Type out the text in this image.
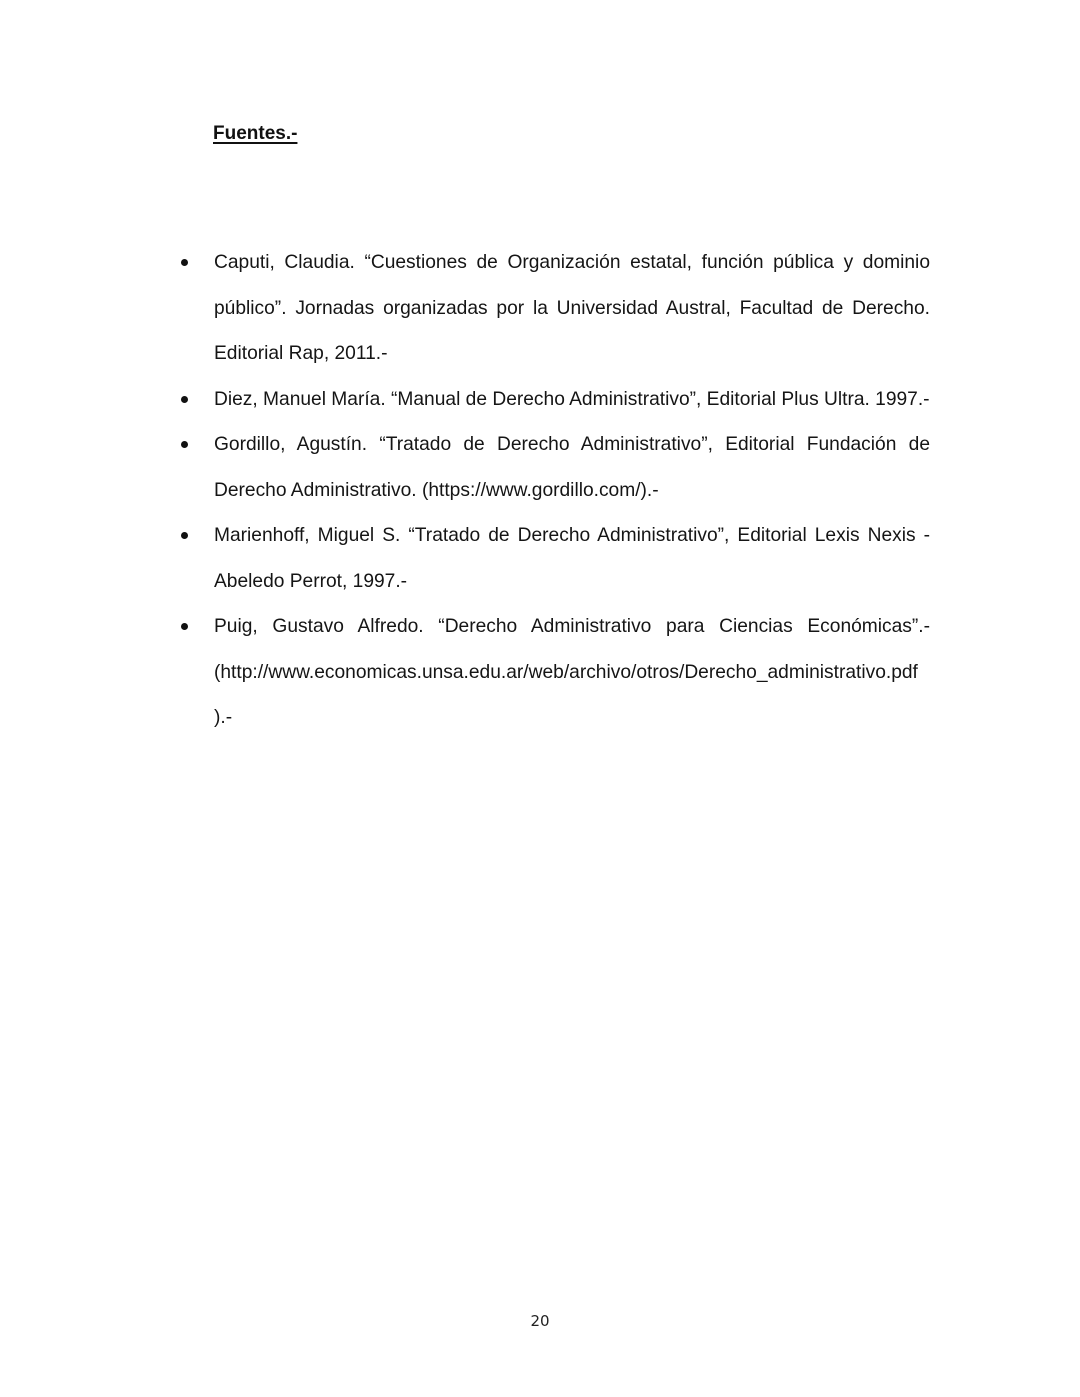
Fuentes.-
Caputi, Claudia. “Cuestiones de Organización estatal, función pública y dominio público”. Jornadas organizadas por la Universidad Austral, Facultad de Derecho. Editorial Rap, 2011.-
Diez, Manuel María. “Manual de Derecho Administrativo”, Editorial Plus Ultra. 1997.-
Gordillo, Agustín. “Tratado de Derecho Administrativo”, Editorial Fundación de Derecho Administrativo. (https://www.gordillo.com/).-
Marienhoff, Miguel S. “Tratado de Derecho Administrativo”, Editorial Lexis Nexis - Abeledo Perrot, 1997.-
Puig, Gustavo Alfredo. “Derecho Administrativo para Ciencias Económicas”.- (http://www.economicas.unsa.edu.ar/web/archivo/otros/Derecho_administrativo.pdf ).-
20
